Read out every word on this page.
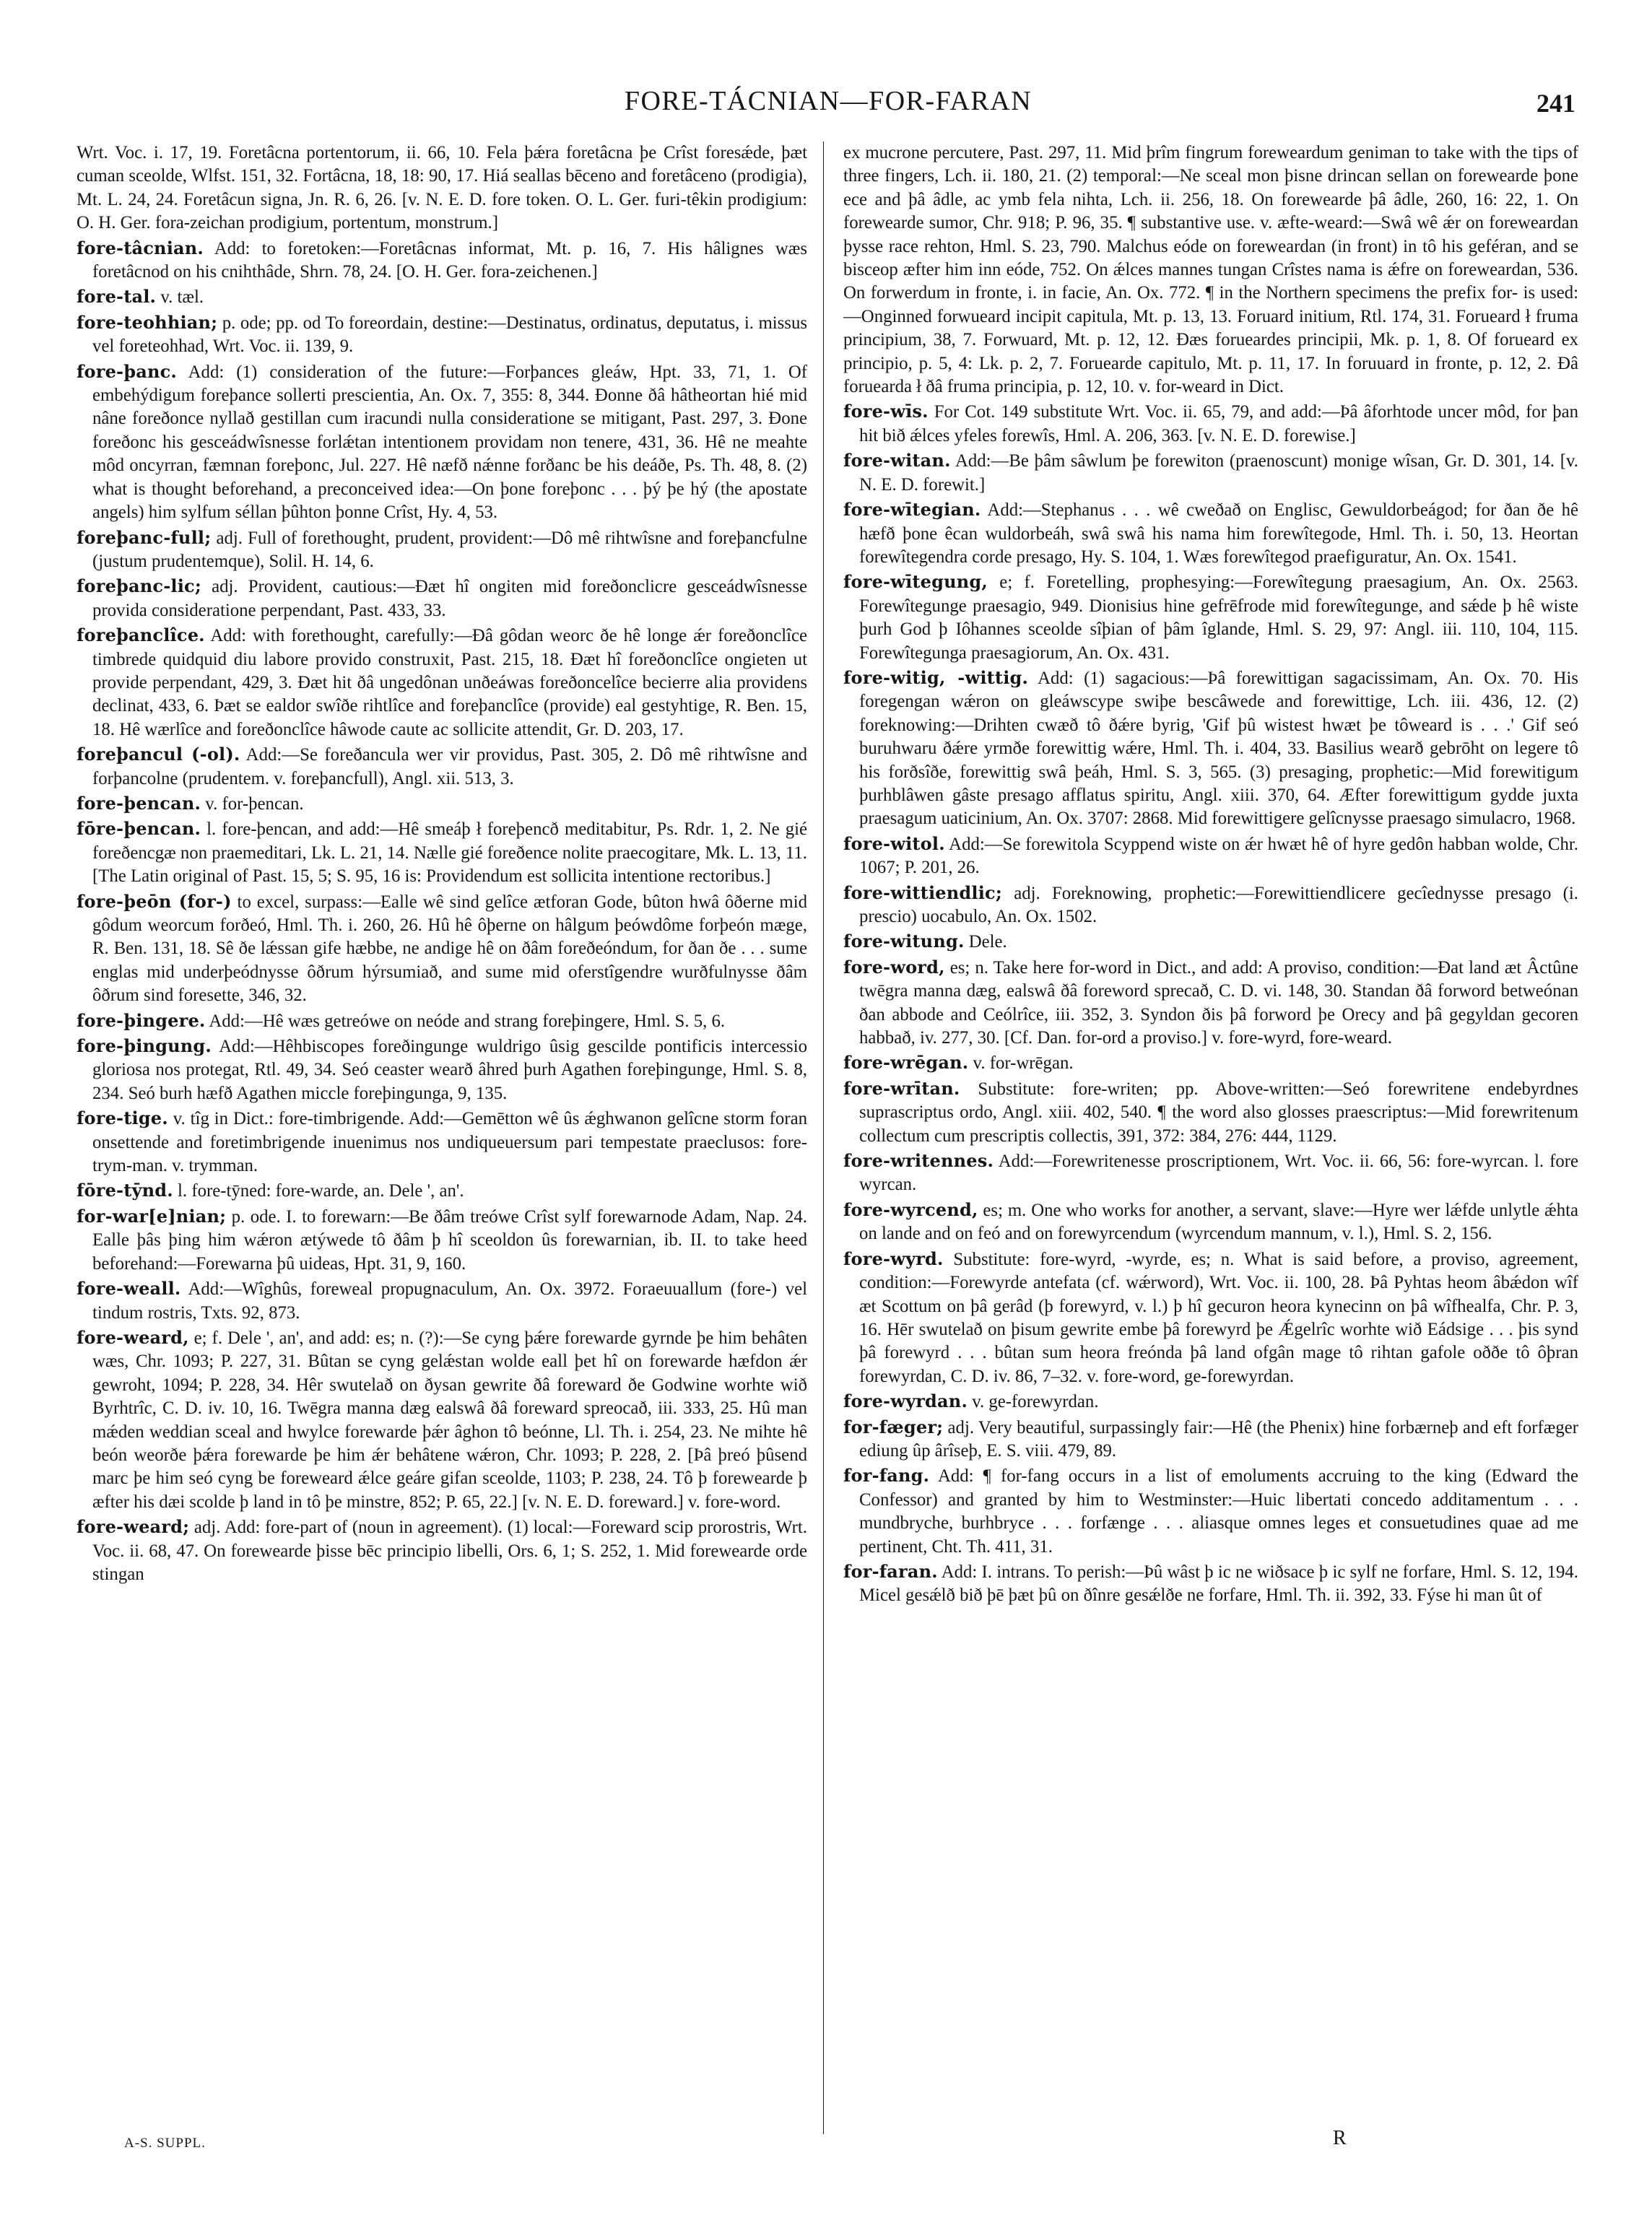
FORE-TÁCNIAN—FOR-FARAN	241

Wrt. Voc. i. 17, 19. Foretâcna portentorum, ii. 66, 10. Fela þǽra foretâcna þe Crîst foresǽde, þæt cuman sceolde, Wlfst. 151, 32. Fortâcna, 18, 18: 90, 17. Hiá seallas bēceno and foretâceno (prodigia), Mt. L. 24, 24. Foretâcun signa, Jn. R. 6, 26. [v. N. E. D. fore token. O. L. Ger. furi-têkin prodigium: O. H. Ger. fora-zeichan prodigium, portentum, monstrum.]

fore-tâcnian. Add: to foretoken:—Foretâcnas informat, Mt. p. 16, 7. His hâlignes wæs foretâcnod on his cnihthâde, Shrn. 78, 24. [O. H. Ger. fora-zeichenen.]

fore-tal. v. tæl.

fore-teohhian; p. ode; pp. od To foreordain, destine:—Destinatus, ordinatus, deputatus, i. missus vel foreteohhad, Wrt. Voc. ii. 139, 9.

fore-þanc. Add: (1) consideration of the future:—Forþances gleáw, Hpt. 33, 71, 1. Of embehýdigum foreþance sollerti prescientia, An. Ox. 7, 355: 8, 344. Ðonne ðâ hâtheortan hié mid nâne foreðonce nyllað gestillan cum iracundi nulla consideratione se mitigant, Past. 297, 3. Ðone foreðonc his gesceádwîsnesse forlǽtan intentionem providam non tenere, 431, 36. Hê ne meahte môd oncyrran, fæmnan foreþonc, Jul. 227. Hê næfð nǽnne forðanc be his deáðe, Ps. Th. 48, 8. (2) what is thought beforehand, a preconceived idea:—On þone foreþonc . . . þý þe hý (the apostate angels) him sylfum séllan þûhton þonne Crîst, Hy. 4, 53.

foreþanc-full; adj. Full of forethought, prudent, provident:—Dô mê rihtwîsne and foreþancfulne (justum prudentemque), Solil. H. 14, 6.

foreþanc-lic; adj. Provident, cautious:—Ðæt hî ongiten mid foreðonclicre gesceádwîsnesse provida consideratione perpendant, Past. 433, 33.

foreþanclîce. Add: with forethought, carefully:—Ðâ gôdan weorc ðe hê longe ǽr foreðonclîce timbrede quidquid diu labore provido construxit, Past. 215, 18. Ðæt hî foreðonclîce ongieten ut provide perpendant, 429, 3. Ðæt hit ðâ ungedônan unðeáwas foreðoncelîce becierre alia providens declinat, 433, 6. Þæt se ealdor swîðe rihtlîce and foreþanclîce (provide) eal gestyhtige, R. Ben. 15, 18. Hê wærlîce and foreðonclîce hâwode caute ac sollicite attendit, Gr. D. 203, 17.

foreþancul (-ol). Add:—Se foreðancula wer vir providus, Past. 305, 2. Dô mê rihtwîsne and forþancolne (prudentem. v. foreþancfull), Angl. xii. 513, 3.

fore-þencan. v. for-þencan.

fōre-þencan. l. fore-þencan, and add:—Hê smeáþ ł foreþencð meditabitur, Ps. Rdr. 1, 2. Ne gié foreðencgæ non praemeditari, Lk. L. 21, 14. Nælle gié foreðence nolite praecogitare, Mk. L. 13, 11. [The Latin original of Past. 15, 5; S. 95, 16 is: Providendum est sollicita intentione rectoribus.]

fore-þeōn (for-) to excel, surpass:—Ealle wê sind gelîce ætforan Gode, bûton hwâ ôðerne mid gôdum weorcum forðeó, Hml. Th. i. 260, 26. Hû hê ôþerne on hâlgum þeówdôme forþeón mæge, R. Ben. 131, 18. Sê ðe lǽssan gife hæbbe, ne andige hê on ðâm foreðeóndum, for ðan ðe . . . sume englas mid underþeódnysse ôðrum hýrsumiað, and sume mid oferstîgendre wurðfulnysse ðâm ôðrum sind foresette, 346, 32.

fore-þingere. Add:—Hê wæs getreówe on neóde and strang foreþingere, Hml. S. 5, 6.

fore-þingung. Add:—Hêhbiscopes foreðingunge wuldrigo ûsig gescilde pontificis intercessio gloriosa nos protegat, Rtl. 49, 34. Seó ceaster wearð âhred þurh Agathen foreþingunge, Hml. S. 8, 234. Seó burh hæfð Agathen miccle foreþingunga, 9, 135.

fore-tige. v. tîg in Dict.: fore-timbrigende. Add:—Gemētton wê ûs ǽghwanon gelîcne storm foran onsettende and foretimbrigende inuenimus nos undiqueuersum pari tempestate praeclusos: fore-trym-man. v. trymman.

fōre-tȳnd. l. fore-tȳned: fore-warde, an. Dele ', an'.

for-war[e]nian; p. ode. I. to forewarn:—Be ðâm treówe Crîst sylf forewarnode Adam, Nap. 24. Ealle þâs þing him wǽron ætýwede tô ðâm þ hî sceoldon ûs forewarnian, ib. II. to take heed beforehand:—Forewarna þû uideas, Hpt. 31, 9, 160.

fore-weall. Add:—Wîghûs, foreweal propugnaculum, An. Ox. 3972. Foraeuuallum (fore-) vel tindum rostris, Txts. 92, 873.

fore-weard, e; f. Dele ', an', and add: es; n. (?):—Se cyng þǽre forewarde gyrnde þe him behâten wæs, Chr. 1093; P. 227, 31. Bûtan se cyng gelǽstan wolde eall þet hî on forewarde hæfdon ǽr gewroht, 1094; P. 228, 34. Hêr swutelað on ðysan gewrite ðâ foreward ðe Godwine worhte wið Byrhtrîc, C. D. iv. 10, 16. Twēgra manna dæg ealswâ ðâ foreward spreocað, iii. 333, 25. Hû man mǽden weddian sceal and hwylce forewarde þǽr âghon tô beónne, Ll. Th. i. 254, 23. Ne mihte hê beón weorðe þǽra forewarde þe him ǽr behâtene wǽron, Chr. 1093; P. 228, 2. [Þâ þreó þûsend marc þe him seó cyng be foreweard ǽlce geáre gifan sceolde, 1103; P. 238, 24. Tô þ forewearde þ æfter his dæi scolde þ land in tô þe minstre, 852; P. 65, 22.] [v. N. E. D. foreward.] v. fore-word.

fore-weard; adj. Add: fore-part of (noun in agreement). (1) local:—Foreward scip prorostris, Wrt. Voc. ii. 68, 47. On forewearde þisse bēc principio libelli, Ors. 6, 1; S. 252, 1. Mid forewearde orde stingan

ex mucrone percutere, Past. 297, 11. Mid þrîm fingrum foreweardum geniman to take with the tips of three fingers, Lch. ii. 180, 21. (2) temporal:—Ne sceal mon þisne drincan sellan on forewearde þone ece and þâ âdle, ac ymb fela nihta, Lch. ii. 256, 18. On forewearde þâ âdle, 260, 16: 22, 1. On forewearde sumor, Chr. 918; P. 96, 35. ¶ substantive use. v. æfte-weard:—Swâ wê ǽr on foreweardan þysse race rehton, Hml. S. 23, 790. Malchus eóde on foreweardan (in front) in tô his geféran, and se bisceop æfter him inn eóde, 752. On ǽlces mannes tungan Crîstes nama is ǽfre on foreweardan, 536. On forwerdum in fronte, i. in facie, An. Ox. 772. ¶ in the Northern specimens the prefix for- is used:—Onginned forwueard incipit capitula, Mt. p. 13, 13. Foruard initium, Rtl. 174, 31. Forueard ł fruma principium, 38, 7. Forwuard, Mt. p. 12, 12. Ðæs forueardes principii, Mk. p. 1, 8. Of forueard ex principio, p. 5, 4: Lk. p. 2, 7. Foruearde capitulo, Mt. p. 11, 17. In foruuard in fronte, p. 12, 2. Ðâ foruearda ł ðâ fruma principia, p. 12, 10. v. for-weard in Dict.

fore-wīs. For Cot. 149 substitute Wrt. Voc. ii. 65, 79, and add:—Þâ âforhtode uncer môd, for þan hit bið ǽlces yfeles forewîs, Hml. A. 206, 363. [v. N. E. D. forewise.]

fore-witan. Add:—Be þâm sâwlum þe forewiton (praenoscunt) monige wîsan, Gr. D. 301, 14. [v. N. E. D. forewit.]

fore-wītegian. Add:—Stephanus . . . wê cweðað on Englisc, Gewuldorbeágod; for ðan ðe hê hæfð þone êcan wuldorbeáh, swâ swâ his nama him forewîtegode, Hml. Th. i. 50, 13. Heortan forewîtegendra corde presago, Hy. S. 104, 1. Wæs forewîtegod praefiguratur, An. Ox. 1541.

fore-wītegung, e; f. Foretelling, prophesying:—Forewîtegung praesagium, An. Ox. 2563. Forewîtegunge praesagio, 949. Dionisius hine gefrēfrode mid forewîtegunge, and sǽde þ hê wiste þurh God þ Iôhannes sceolde sîþian of þâm îglande, Hml. S. 29, 97: Angl. iii. 110, 104, 115. Forewîtegunga praesagiorum, An. Ox. 431.

fore-witig, -wittig. Add: (1) sagacious:—Þâ forewittigan sagacissimam, An. Ox. 70. His foregengan wǽron on gleáwscype swiþe bescâwede and forewittige, Lch. iii. 436, 12. (2) foreknowing:—Drihten cwæð tô ðǽre byrig, 'Gif þû wistest hwæt þe tôweard is . . .' Gif seó buruhwaru ðǽre yrmðe forewittig wǽre, Hml. Th. i. 404, 33. Basilius wearð gebrōht on legere tô his forðsîðe, forewittig swâ þeáh, Hml. S. 3, 565. (3) presaging, prophetic:—Mid forewitigum þurhblâwen gâste presago afflatus spiritu, Angl. xiii. 370, 64. Æfter forewittigum gydde juxta praesagum uaticinium, An. Ox. 3707: 2868. Mid forewittigere gelîcnysse praesago simulacro, 1968.

fore-witol. Add:—Se forewitola Scyppend wiste on ǽr hwæt hê of hyre gedôn habban wolde, Chr. 1067; P. 201, 26.

fore-wittiendlic; adj. Foreknowing, prophetic:—Forewittiendlicere gecîednysse presago (i. prescio) uocabulo, An. Ox. 1502.

fore-witung. Dele.

fore-word, es; n. Take here for-word in Dict., and add: A proviso, condition:—Ðat land æt Âctûne twēgra manna dæg, ealswâ ðâ foreword sprecað, C. D. vi. 148, 30. Standan ðâ forword betweónan ðan abbode and Ceólrîce, iii. 352, 3. Syndon ðis þâ forword þe Orecy and þâ gegyldan gecoren habbað, iv. 277, 30. [Cf. Dan. for-ord a proviso.] v. fore-wyrd, fore-weard.

fore-wrēgan. v. for-wrēgan.

fore-wrītan. Substitute: fore-writen; pp. Above-written:—Seó forewritene endebyrdnes suprascriptus ordo, Angl. xiii. 402, 540. ¶ the word also glosses praescriptus:—Mid forewritenum collectum cum prescriptis collectis, 391, 372: 384, 276: 444, 1129.

fore-writennes. Add:—Forewritenesse proscriptionem, Wrt. Voc. ii. 66, 56: fore-wyrcan. l. fore wyrcan.

fore-wyrcend, es; m. One who works for another, a servant, slave:—Hyre wer lǽfde unlytle ǽhta on lande and on feó and on forewyrcendum (wyrcendum mannum, v. l.), Hml. S. 2, 156.

fore-wyrd. Substitute: fore-wyrd, -wyrde, es; n. What is said before, a proviso, agreement, condition:—Forewyrde antefata (cf. wǽrword), Wrt. Voc. ii. 100, 28. Þâ Pyhtas heom âbǽdon wîf æt Scottum on þâ gerâd (þ forewyrd, v. l.) þ hî gecuron heora kynecinn on þâ wîfhealfa, Chr. P. 3, 16. Hēr swutelað on þisum gewrite embe þâ forewyrd þe Ǽgelrîc worhte wið Eádsige . . . þis synd þâ forewyrd . . . bûtan sum heora freónda þâ land ofgân mage tô rihtan gafole oððe tô ôþran forewyrdan, C. D. iv. 86, 7–32. v. fore-word, ge-forewyrdan.

fore-wyrdan. v. ge-forewyrdan.

for-fæger; adj. Very beautiful, surpassingly fair:—Hê (the Phenix) hine forbærneþ and eft forfæger ediung ûp ârîseþ, E. S. viii. 479, 89.

for-fang. Add: ¶ for-fang occurs in a list of emoluments accruing to the king (Edward the Confessor) and granted by him to Westminster:—Huic libertati concedo additamentum . . . mundbryche, burhbryce . . . forfænge . . . aliasque omnes leges et consuetudines quae ad me pertinent, Cht. Th. 411, 31.

for-faran. Add: I. intrans. To perish:—Þû wâst þ ic ne wiðsace þ ic sylf ne forfare, Hml. S. 12, 194. Micel gesǽlð bið þē þæt þû on ðînre gesǽlðe ne forfare, Hml. Th. ii. 392, 33. Fýse hi man ût of

A-S. SUPPL.	R
